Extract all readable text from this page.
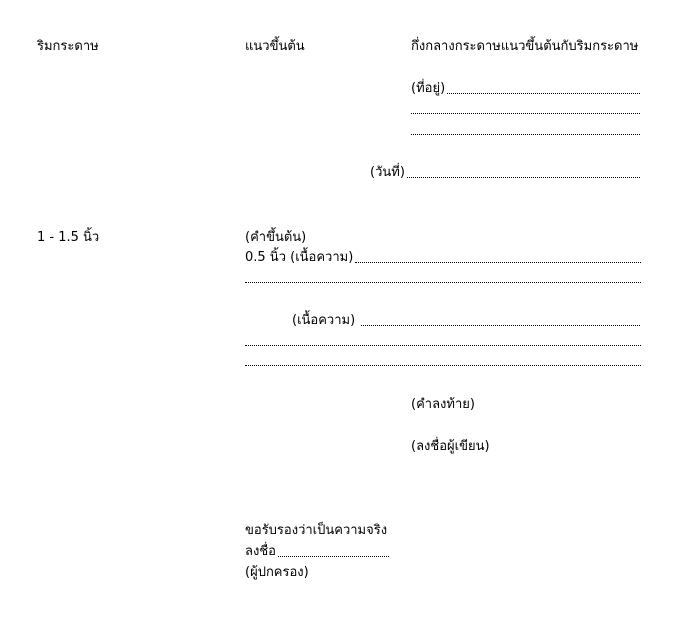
ริมกระดาษ	แนวขึ้นต้น	กึ่งกลางกระดาษแนวขึ้นต้นกับริมกระดาษ
(ที่อยู่)
(วันที่)
1 - 1.5 นิ้ว	(คำขึ้นต้น)
0.5 นิ้ว (เนื้อความ)
(เนื้อความ)
(คำลงท้าย)
(ลงชื่อผู้เขียน)
ขอรับรองว่าเป็นความจริง
ลงชื่อ
(ผู้ปกครอง)
